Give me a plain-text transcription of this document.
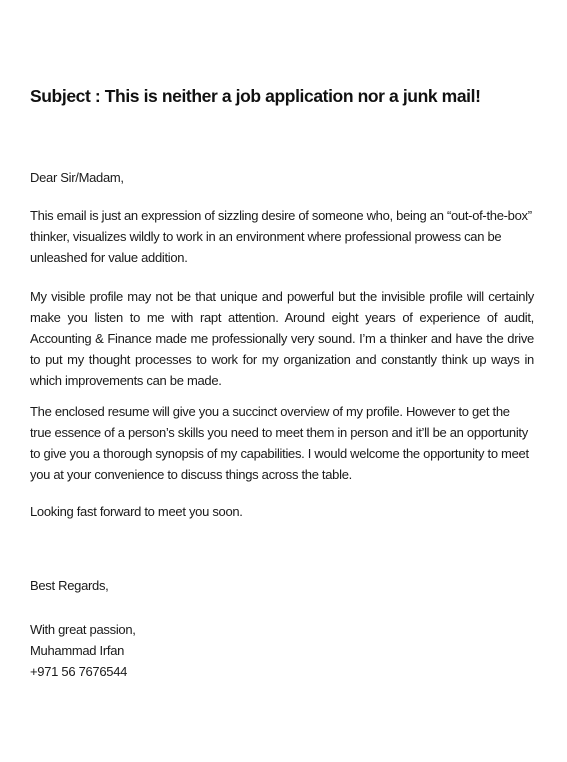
Subject : This is neither a job application nor a junk mail!
Dear Sir/Madam,

This email is just an expression of sizzling desire of someone who, being an “out-of-the-box” thinker, visualizes wildly to work in an environment where professional prowess can be unleashed for value addition.

My visible profile may not be that unique and powerful but the invisible profile will certainly make you listen to me with rapt attention. Around eight years of experience of audit, Accounting & Finance made me professionally very sound. I’m a thinker and have the drive to put my thought processes to work for my organization and constantly think up ways in which improvements can be made.

The enclosed resume will give you a succinct overview of my profile. However to get the true essence of a person’s skills you need to meet them in person and it’ll be an opportunity to give you a thorough synopsis of my capabilities. I would welcome the opportunity to meet you at your convenience to discuss things across the table.

Looking fast forward to meet you soon.

Best Regards,
With great passion,
Muhammad Irfan
+971 56 7676544
